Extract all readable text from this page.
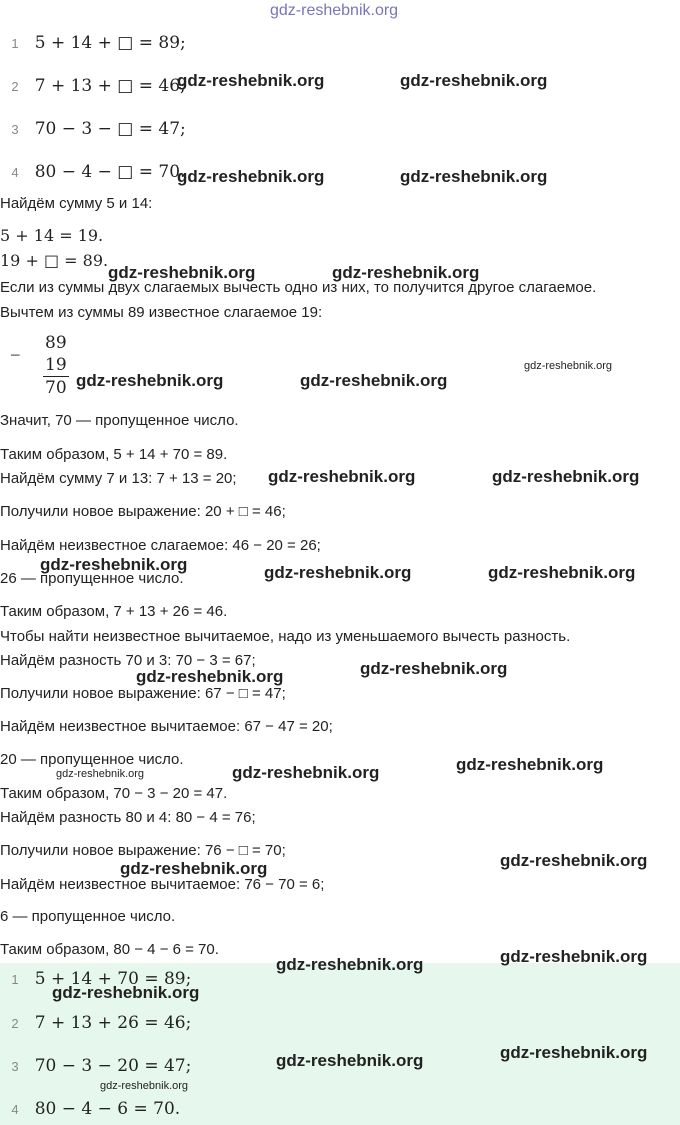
gdz-reshebnik.org
1 5 + 14 + □ = 89;
2 7 + 13 + □ = 46;
3 70 − 3 − □ = 47;
4 80 − 4 − □ = 70.
Найдём сумму 5 и 14:
5 + 14 = 19.
19 + □ = 89.
Если из суммы двух слагаемых вычесть одно из них, то получится другое слагаемое.
Вычтем из суммы 89 известное слагаемое 19:
−
89
19
70
Значит, 70 — пропущенное число.
Таким образом, 5 + 14 + 70 = 89.
Найдём сумму 7 и 13: 7 + 13 = 20;
Получили новое выражение: 20 + □ = 46;
Найдём неизвестное слагаемое: 46 − 20 = 26;
26 — пропущенное число.
Таким образом, 7 + 13 + 26 = 46.
Чтобы найти неизвестное вычитаемое, надо из уменьшаемого вычесть разность.
Найдём разность 70 и 3: 70 − 3 = 67;
Получили новое выражение: 67 − □ = 47;
Найдём неизвестное вычитаемое: 67 − 47 = 20;
20 — пропущенное число.
Таким образом, 70 − 3 − 20 = 47.
Найдём разность 80 и 4: 80 − 4 = 76;
Получили новое выражение: 76 − □ = 70;
Найдём неизвестное вычитаемое: 76 − 70 = 6;
6 — пропущенное число.
Таким образом, 80 − 4 − 6 = 70.
1 5 + 14 + 70 = 89;
2 7 + 13 + 26 = 46;
3 70 − 3 − 20 = 47;
4 80 − 4 − 6 = 70.
gdz-reshebnik.org	gdz-reshebnik.org
gdz-reshebnik.org	gdz-reshebnik.org
gdz-reshebnik.org	gdz-reshebnik.org
gdz-reshebnik.org	gdz-reshebnik.org
gdz-reshebnik.org
gdz-reshebnik.org	gdz-reshebnik.org
gdz-reshebnik.org	gdz-reshebnik.org	gdz-reshebnik.org
gdz-reshebnik.org
gdz-reshebnik.org
gdz-reshebnik.org
gdz-reshebnik.org	gdz-reshebnik.org
gdz-reshebnik.org
gdz-reshebnik.org
gdz-reshebnik.org
gdz-reshebnik.org
gdz-reshebnik.org
gdz-reshebnik.org
gdz-reshebnik.org
gdz-reshebnik.org
